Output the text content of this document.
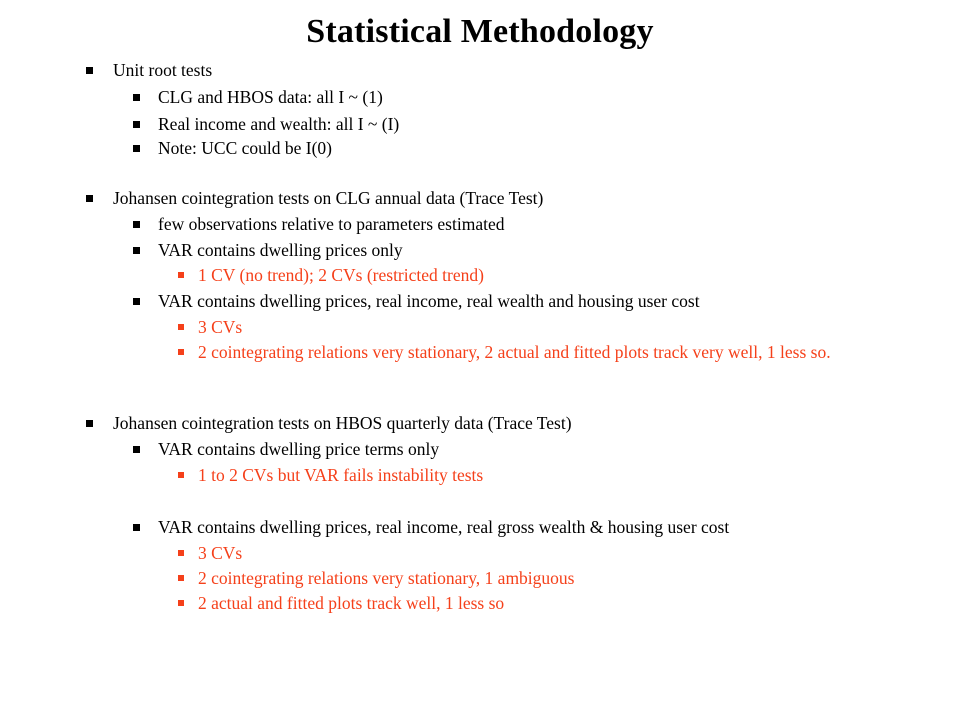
Statistical Methodology
Unit root tests
CLG and HBOS data: all I ~ (1)
Real income and wealth: all I ~ (I)
Note: UCC could be I(0)
Johansen cointegration tests on CLG annual data (Trace Test)
few observations relative to parameters estimated
VAR contains dwelling prices only
1 CV (no trend); 2 CVs (restricted trend)
VAR contains dwelling prices, real income, real wealth and housing user cost
3 CVs
2 cointegrating relations very stationary, 2 actual and fitted plots track very well, 1 less so.
Johansen cointegration tests on HBOS quarterly data (Trace Test)
VAR contains dwelling price terms only
1 to 2 CVs but VAR fails instability tests
VAR contains dwelling prices, real income, real gross wealth & housing user cost
3 CVs
2 cointegrating relations very stationary, 1 ambiguous
2 actual and fitted plots track well, 1 less so
